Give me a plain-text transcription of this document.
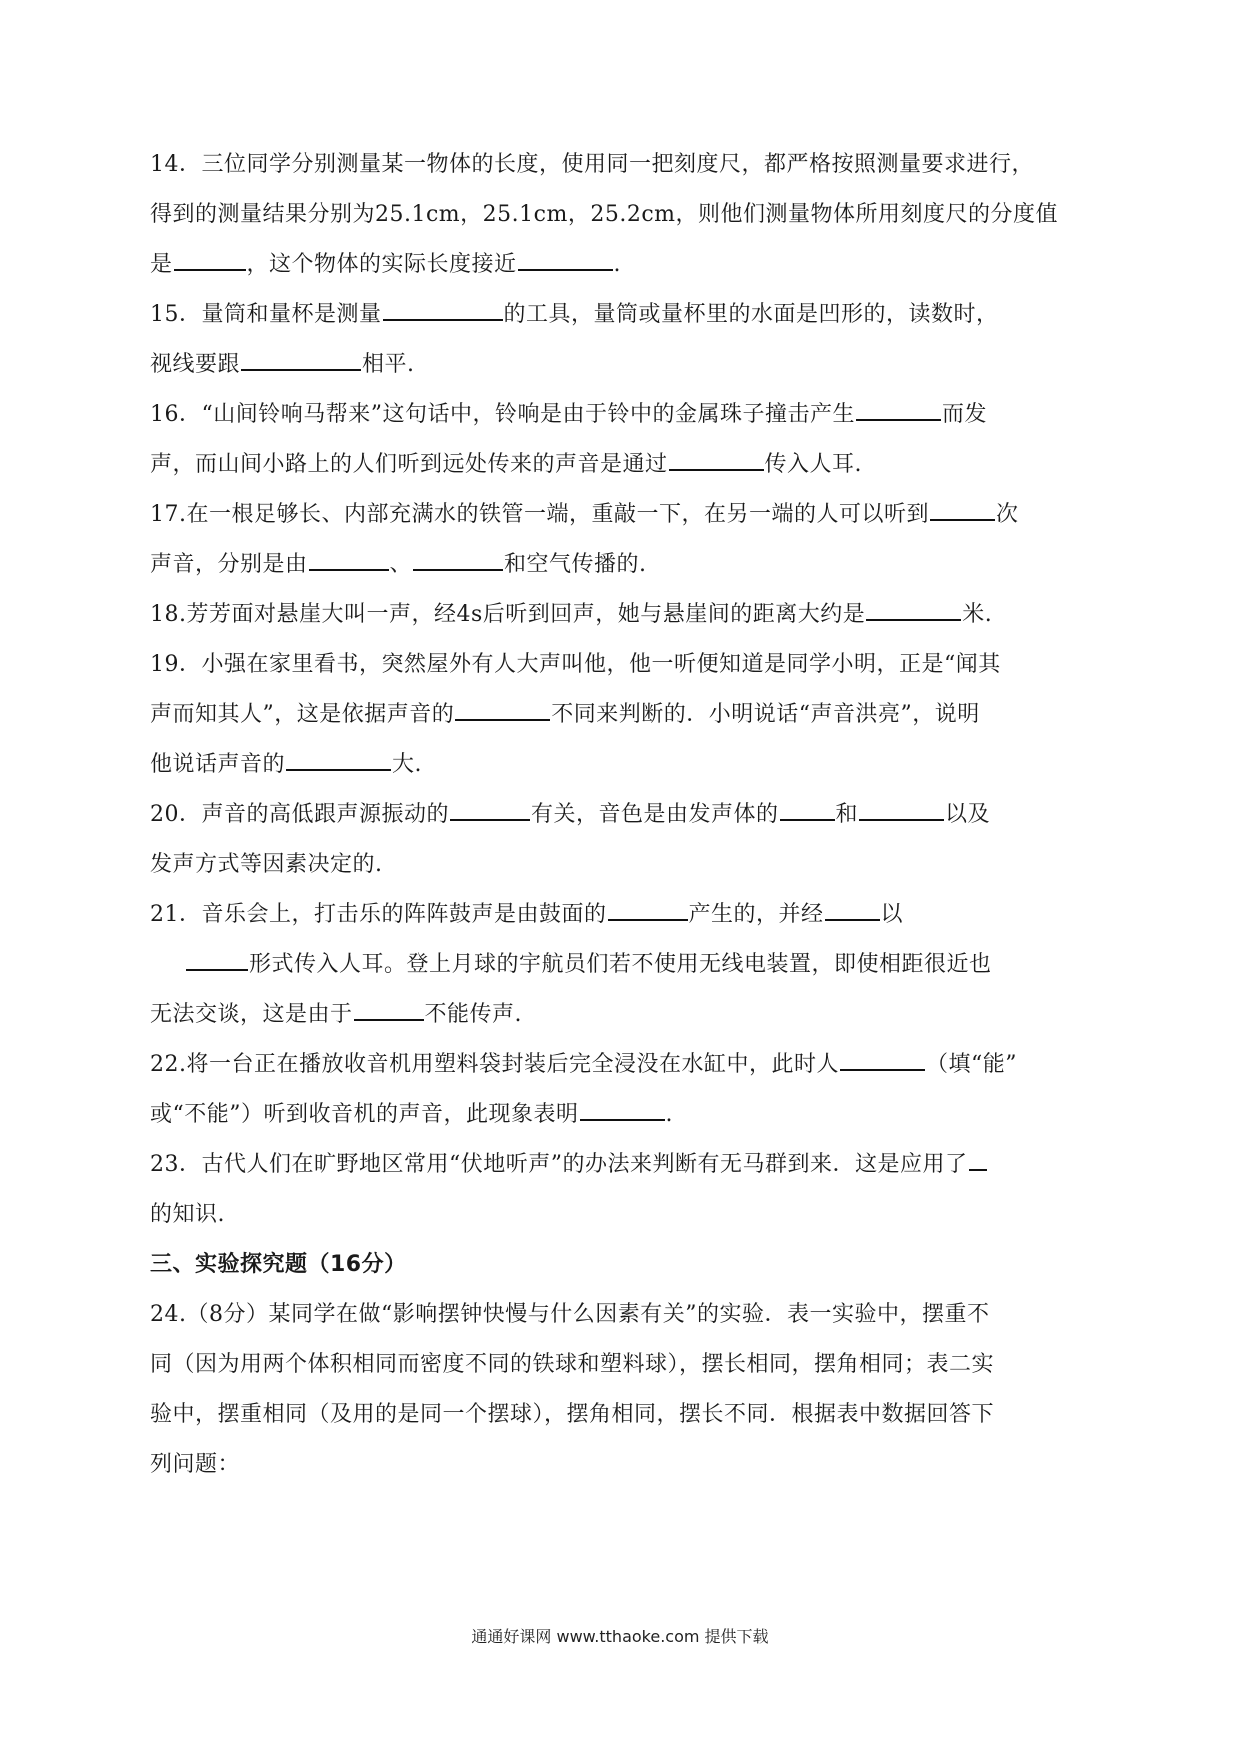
14．三位同学分别测量某一物体的长度，使用同一把刻度尺，都严格按照测量要求进行，
得到的测量结果分别为25.1cm，25.1cm，25.2cm，则他们测量物体所用刻度尺的分度值
是	，这个物体的实际长度接近	.
15．量筒和量杯是测量	的工具，量筒或量杯里的水面是凹形的，读数时，
视线要跟	相平.
16．“山间铃响马帮来”这句话中，铃响是由于铃中的金属珠子撞击产生	而发
声，而山间小路上的人们听到远处传来的声音是通过	传入人耳.
17.在一根足够长、内部充满水的铁管一端，重敲一下，在另一端的人可以听到	次
声音，分别是由	、	和空气传播的.
18.芳芳面对悬崖大叫一声，经4s后听到回声，她与悬崖间的距离大约是	米.
19．小强在家里看书，突然屋外有人大声叫他，他一听便知道是同学小明，正是“闻其
声而知其人”，这是依据声音的	不同来判断的．小明说话“声音洪亮”，说明
他说话声音的	大.
20．声音的高低跟声源振动的	有关，音色是由发声体的	和	以及
发声方式等因素决定的.
21．音乐会上，打击乐的阵阵鼓声是由鼓面的	产生的，并经	以
形式传入人耳。登上月球的宇航员们若不使用无线电装置，即使相距很近也
无法交谈，这是由于	不能传声.
22.将一台正在播放收音机用塑料袋封装后完全浸没在水缸中，此时人	（填“能”
或“不能”）听到收音机的声音，此现象表明	.
23．古代人们在旷野地区常用“伏地听声”的办法来判断有无马群到来．这是应用了
的知识.
三、实验探究题（16分）
24.（8分）某同学在做“影响摆钟快慢与什么因素有关”的实验．表一实验中，摆重不
同（因为用两个体积相同而密度不同的铁球和塑料球），摆长相同，摆角相同；表二实
验中，摆重相同（及用的是同一个摆球），摆角相同，摆长不同．根据表中数据回答下
列问题：
通通好课网 www.tthaoke.com 提供下载
